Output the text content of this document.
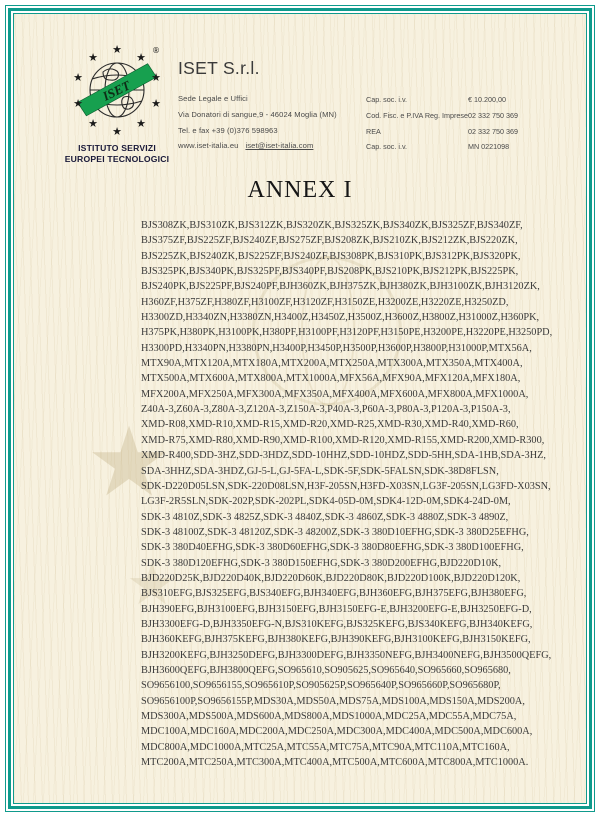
★
★
ISET
®
★
★
★
★
★
★
★
★
★
★
ISTITUTO SERVIZI
EUROPEI TECNOLOGICI
ISET S.r.l.
Sede Legale e Uffici
Via Donatori di sangue,9 - 46024 Moglia (MN)
Tel. e fax +39 (0)376 598963
www.iset-italia.eu iset@iset-italia.com
Cap. soc. i.v.	€ 10.200,00
Cod. Fisc. e P.IVA Reg. Imprese 02 332 750 369
REA	02 332 750 369
Cap. soc. i.v.	MN 0221098
ANNEX I
BJS308ZK,BJS310ZK,BJS312ZK,BJS320ZK,BJS325ZK,BJS340ZK,BJS325ZF,BJS340ZF,
BJS375ZF,BJS225ZF,BJS240ZF,BJS275ZF,BJS208ZK,BJS210ZK,BJS212ZK,BJS220ZK,
BJS225ZK,BJS240ZK,BJS225ZF,BJS240ZF,BJS308PK,BJS310PK,BJS312PK,BJS320PK,
BJS325PK,BJS340PK,BJS325PF,BJS340PF,BJS208PK,BJS210PK,BJS212PK,BJS225PK,
BJS240PK,BJS225PF,BJS240PF,BJH360ZK,BJH375ZK,BJH380ZK,BJH3100ZK,BJH3120ZK,
H360ZF,H375ZF,H380ZF,H3100ZF,H3120ZF,H3150ZE,H3200ZE,H3220ZE,H3250ZD,
H3300ZD,H3340ZN,H3380ZN,H3400Z,H3450Z,H3500Z,H3600Z,H3800Z,H31000Z,H360PK,
H375PK,H380PK,H3100PK,H380PF,H3100PF,H3120PF,H3150PE,H3200PE,H3220PE,H3250PD,
H3300PD,H3340PN,H3380PN,H3400P,H3450P,H3500P,H3600P,H3800P,H31000P,MTX56A,
MTX90A,MTX120A,MTX180A,MTX200A,MTX250A,MTX300A,MTX350A,MTX400A,
MTX500A,MTX600A,MTX800A,MTX1000A,MFX56A,MFX90A,MFX120A,MFX180A,
MFX200A,MFX250A,MFX300A,MFX350A,MFX400A,MFX600A,MFX800A,MFX1000A,
Z40A-3,Z60A-3,Z80A-3,Z120A-3,Z150A-3,P40A-3,P60A-3,P80A-3,P120A-3,P150A-3,
XMD-R08,XMD-R10,XMD-R15,XMD-R20,XMD-R25,XMD-R30,XMD-R40,XMD-R60,
XMD-R75,XMD-R80,XMD-R90,XMD-R100,XMD-R120,XMD-R155,XMD-R200,XMD-R300,
XMD-R400,SDD-3HZ,SDD-3HDZ,SDD-10HHZ,SDD-10HDZ,SDD-5HH,SDA-1HB,SDA-3HZ,
SDA-3HHZ,SDA-3HDZ,GJ-5-L,GJ-5FA-L,SDK-5F,SDK-5FALSN,SDK-38D8FLSN,
SDK-D220D05LSN,SDK-220D08LSN,H3F-205SN,H3FD-X03SN,LG3F-205SN,LG3FD-X03SN,
LG3F-2R5SLN,SDK-202P,SDK-202PL,SDK4-05D-0M,SDK4-12D-0M,SDK4-24D-0M,
SDK-3 4810Z,SDK-3 4825Z,SDK-3 4840Z,SDK-3 4860Z,SDK-3 4880Z,SDK-3 4890Z,
SDK-3 48100Z,SDK-3 48120Z,SDK-3 48200Z,SDK-3 380D10EFHG,SDK-3 380D25EFHG,
SDK-3 380D40EFHG,SDK-3 380D60EFHG,SDK-3 380D80EFHG,SDK-3 380D100EFHG,
SDK-3 380D120EFHG,SDK-3 380D150EFHG,SDK-3 380D200EFHG,BJD220D10K,
BJD220D25K,BJD220D40K,BJD220D60K,BJD220D80K,BJD220D100K,BJD220D120K,
BJS310EFG,BJS325EFG,BJS340EFG,BJH340EFG,BJH360EFG,BJH375EFG,BJH380EFG,
BJH390EFG,BJH3100EFG,BJH3150EFG,BJH3150EFG-E,BJH3200EFG-E,BJH3250EFG-D,
BJH3300EFG-D,BJH3350EFG-N,BJS310KEFG,BJS325KEFG,BJS340KEFG,BJH340KEFG,
BJH360KEFG,BJH375KEFG,BJH380KEFG,BJH390KEFG,BJH3100KEFG,BJH3150KEFG,
BJH3200KEFG,BJH3250DEFG,BJH3300DEFG,BJH3350NEFG,BJH3400NEFG,BJH3500QEFG,
BJH3600QEFG,BJH3800QEFG,SO965610,SO905625,SO965640,SO965660,SO965680,
SO9656100,SO9656155,SO965610P,SO905625P,SO965640P,SO965660P,SO965680P,
SO9656100P,SO9656155P,MDS30A,MDS50A,MDS75A,MDS100A,MDS150A,MDS200A,
MDS300A,MDS500A,MDS600A,MDS800A,MDS1000A,MDC25A,MDC55A,MDC75A,
MDC100A,MDC160A,MDC200A,MDC250A,MDC300A,MDC400A,MDC500A,MDC600A,
MDC800A,MDC1000A,MTC25A,MTC55A,MTC75A,MTC90A,MTC110A,MTC160A,
MTC200A,MTC250A,MTC300A,MTC400A,MTC500A,MTC600A,MTC800A,MTC1000A.
